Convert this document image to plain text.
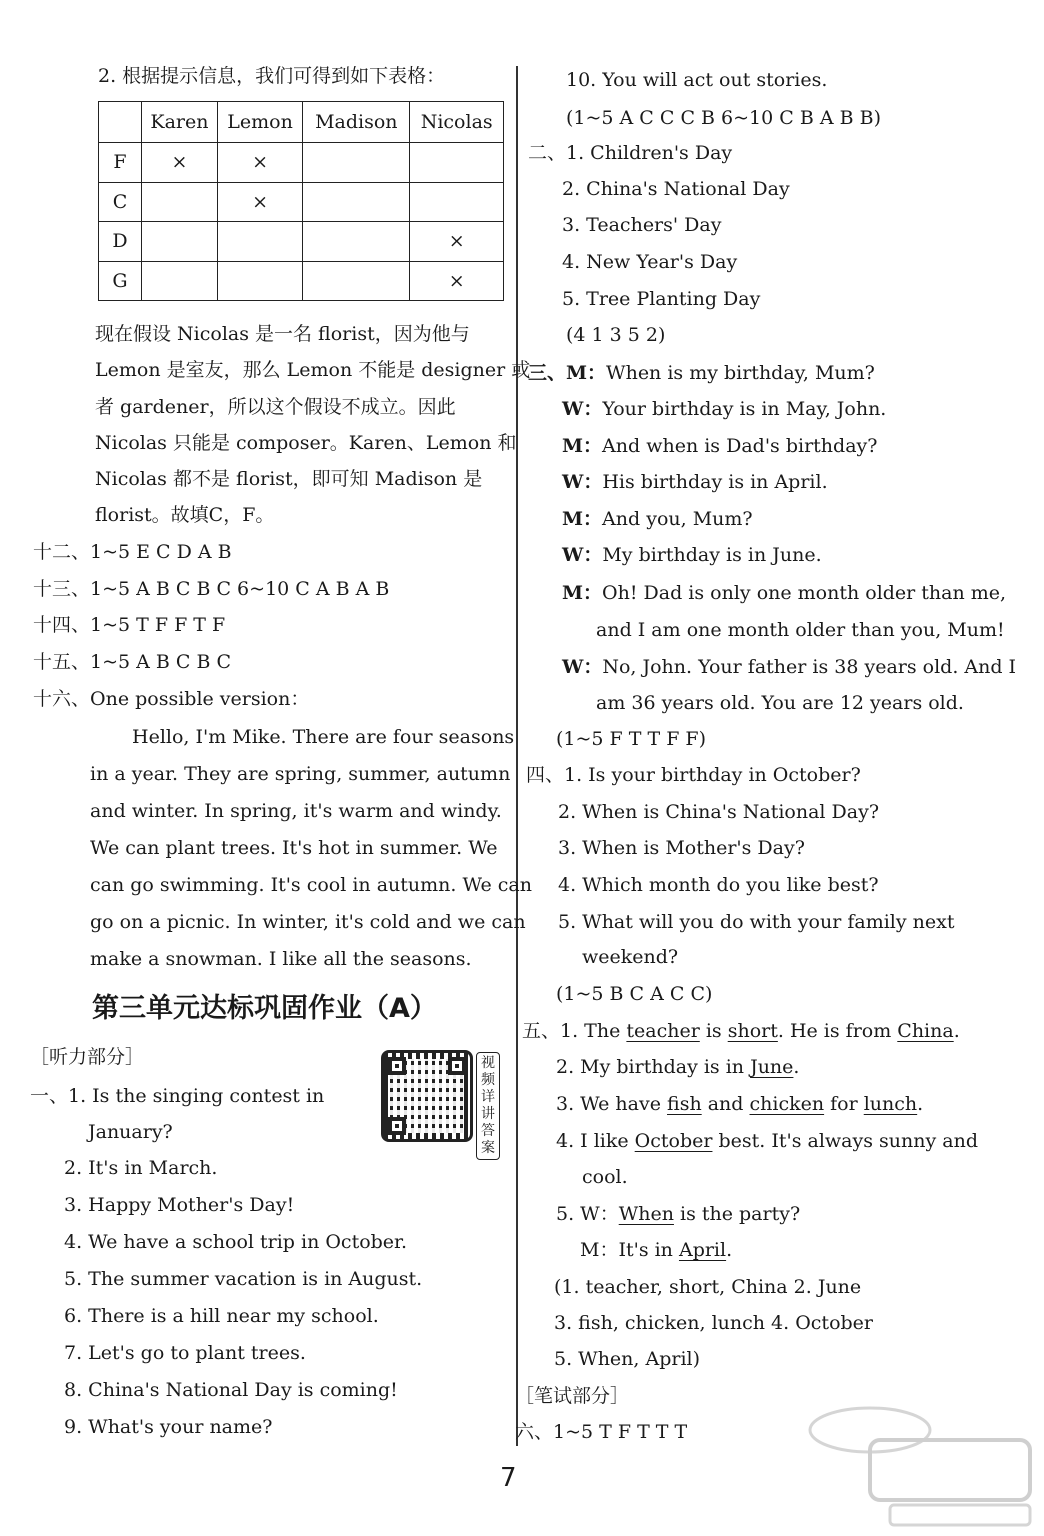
2. 根据提示信息，我们可得到如下表格：
	Karen	Lemon	Madison	Nicolas
F	×	×		
C		×		
D				×
G				×
现在假设 Nicolas 是一名 florist，因为他与
Lemon 是室友，那么 Lemon 不能是 designer 或
者 gardener，所以这个假设不成立。因此
Nicolas 只能是 composer。Karen、Lemon 和
Nicolas 都不是 florist，即可知 Madison 是
florist。故填C，F。
十二、1~5 E C D A B
十三、1~5 A B C B C 6~10 C A B A B
十四、1~5 T F F T F
十五、1~5 A B C B C
十六、One possible version：
Hello, I'm Mike. There are four seasons
in a year. They are spring, summer, autumn
and winter. In spring, it's warm and windy.
We can plant trees. It's hot in summer. We
can go swimming. It's cool in autumn. We can
go on a picnic. In winter, it's cold and we can
make a snowman. I like all the seasons.
第三单元达标巩固作业（A）
［听力部分］	视频详讲答案
一、1. Is the singing contest in
January?
2. It's in March.
3. Happy Mother's Day!
4. We have a school trip in October.
5. The summer vacation is in August.
6. There is a hill near my school.
7. Let's go to plant trees.
8. China's National Day is coming!
9. What's your name?
10. You will act out stories.
(1~5 A C C C B 6~10 C B A B B)
二、1. Children's Day
2. China's National Day
3. Teachers' Day
4. New Year's Day
5. Tree Planting Day
(4 1 3 5 2)
三、M：When is my birthday, Mum?
W：Your birthday is in May, John.
M：And when is Dad's birthday?
W：His birthday is in April.
M：And you, Mum?
W：My birthday is in June.
M：Oh! Dad is only one month older than me,
and I am one month older than you, Mum!
W：No, John. Your father is 38 years old. And I
am 36 years old. You are 12 years old.
(1~5 F T T F F)
四、1. Is your birthday in October?
2. When is China's National Day?
3. When is Mother's Day?
4. Which month do you like best?
5. What will you do with your family next
weekend?
(1~5 B C A C C)
五、1. The teacher is short. He is from China.
2. My birthday is in June.
3. We have fish and chicken for lunch.
4. I like October best. It's always sunny and
cool.
5. W：When is the party?
M：It's in April.
(1. teacher, short, China 2. June
3. fish, chicken, lunch 4. October
5. When, April)
［笔试部分］
六、1~5 T F T T T
7
